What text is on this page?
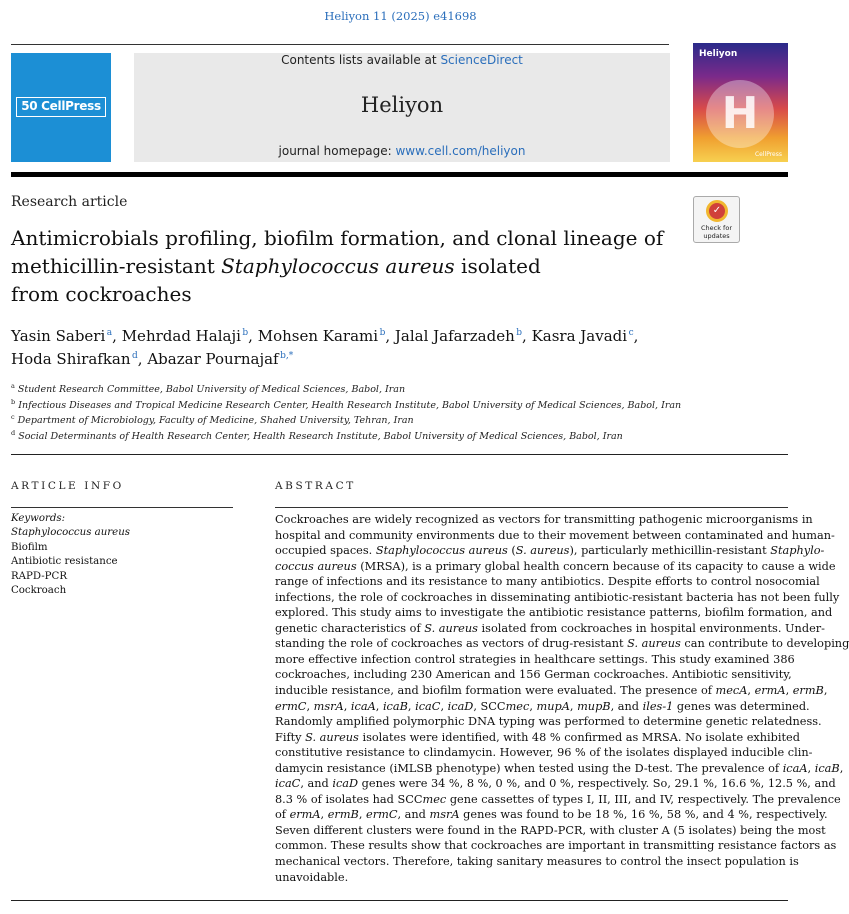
Heliyon 11 (2025) e41698
50 CellPress
Contents lists available at ScienceDirect
Heliyon
journal homepage: www.cell.com/heliyon
Heliyon
H
CellPress
Research article
✓
Check for
updates
Antimicrobials profiling, biofilm formation, and clonal lineage of
methicillin-resistant Staphylococcus aureus isolated
from cockroaches
Yasin Saberi  $^a$, Mehrdad Halaji  $^b$, Mohsen Karami  $^b$, Jalal Jafarzadeh  $^b$, Kasra Javadi  $^c$,
Hoda Shirafkan  $^d$, Abazar Pournajaf  $^{b,*}$
$^a$ Student Research Committee, Babol University of Medical Sciences, Babol, Iran
$^b$ Infectious Diseases and Tropical Medicine Research Center, Health Research Institute, Babol University of Medical Sciences, Babol, Iran
$^c$ Department of Microbiology, Faculty of Medicine, Shahed University, Tehran, Iran
$^d$ Social Determinants of Health Research Center, Health Research Institute, Babol University of Medical Sciences, Babol, Iran
ARTICLE INFO	ABSTRACT
Keywords:
Staphylococcus aureus
Biofilm
Antibiotic resistance
RAPD-PCR
Cockroach
Cockroaches are widely recognized as vectors for transmitting pathogenic microorganisms in
hospital and community environments due to their movement between contaminated and human-
occupied spaces. Staphylococcus aureus (S. aureus), particularly methicillin-resistant Staphylo-
coccus aureus (MRSA), is a primary global health concern because of its capacity to cause a wide
range of infections and its resistance to many antibiotics. Despite efforts to control nosocomial
infections, the role of cockroaches in disseminating antibiotic-resistant bacteria has not been fully
explored. This study aims to investigate the antibiotic resistance patterns, biofilm formation, and
genetic characteristics of S. aureus isolated from cockroaches in hospital environments. Under-
standing the role of cockroaches as vectors of drug-resistant S. aureus can contribute to developing
more effective infection control strategies in healthcare settings. This study examined 386
cockroaches, including 230 American and 156 German cockroaches. Antibiotic sensitivity,
inducible resistance, and biofilm formation were evaluated. The presence of mecA, ermA, ermB,
ermC, msrA, icaA, icaB, icaC, icaD, SCCmec, mupA, mupB, and iles-1 genes was determined.
Randomly amplified polymorphic DNA typing was performed to determine genetic relatedness.
Fifty S. aureus isolates were identified, with 48 % confirmed as MRSA. No isolate exhibited
constitutive resistance to clindamycin. However, 96 % of the isolates displayed inducible clin-
damycin resistance (iMLSB phenotype) when tested using the D-test. The prevalence of icaA, icaB,
icaC, and icaD genes were 34 %, 8 %, 0 %, and 0 %, respectively. So, 29.1 %, 16.6 %, 12.5 %, and
8.3 % of isolates had SCCmec gene cassettes of types I, II, III, and IV, respectively. The prevalence
of ermA, ermB, ermC, and msrA genes was found to be 18 %, 16 %, 58 %, and 4 %, respectively.
Seven different clusters were found in the RAPD-PCR, with cluster A (5 isolates) being the most
common. These results show that cockroaches are important in transmitting resistance factors as
mechanical vectors. Therefore, taking sanitary measures to control the insect population is
unavoidable.
